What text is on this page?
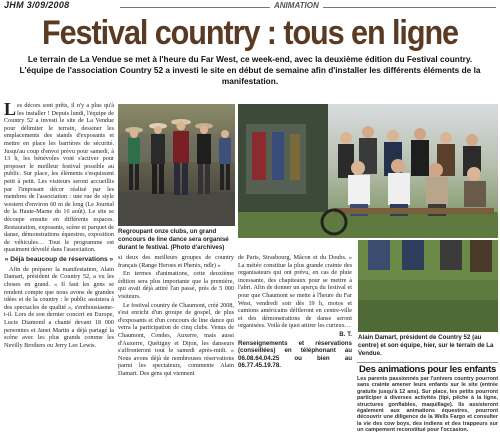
JHM 3/09/2008	ANIMATION
Festival country : tous en ligne
Le terrain de La Vendue se met à l'heure du Far West, ce week-end, avec la deuxième édition du Festival country. L'équipe de l'association Country 52 a investi le site en début de semaine afin d'installer les différents éléments de la manifestation.

Les décors sont prêts, il n'y a plus qu'à les installer ! Depuis lundi, l'équipe de Country 52 a investi le site de La Vendue pour délimiter le terrain, dessiner les emplacements des stands d'exposants et mettre en place les barrières de sécurité. Jusqu'au coup d'envoi prévu pour samedi, à 13 h, les bénévoles vont s'activer pour proposer le meilleur festival possible au public. Sur place, les éléments s'esquissent petit à petit. Les visiteurs seront accueillis par l'imposant décor réalisé par les membres de l'association : une rue de style western d'environ 60 m de long (Le Journal de la Haute-Marne du 16 août). Le site se découpe ensuite en différents espaces. Restauration, exposants, scène et parquet de danse, démonstrations équestres, exposition de véhicules… Tout le programme est quasiment dévoilé dans l'association.

« Déjà beaucoup de réservations »

Afin de préparer la manifestation, Alain Damart, président de Country 52, a vu les choses en grand. « Il faut les gens se rendent compte que nous avons de grandes idées et de la country : le public assistera à des spectacles de qualité », s'enthousiasme-t-il. Lors de son dernier concert en Europe, Lucie Diamond a chanté devant 18 000 personnes et Janet Martin a déjà partagé la scène avec les plus grands comme les Nevilly Brothers ou Jerry Lee Lewis.

Regroupant onze clubs, un grand concours de line dance sera organisé durant le festival. (Photo d'archives)

si deux des meilleurs groupes de country français (Range Heroes et Phenix, ndlr) »

En termes d'animations, cette deuxième édition sera plus importante que la première, qui avait déjà attiré l'an passé, près de 5 000 visiteurs.

Le festival country de Chaumont, créé 2008, s'est enrichi d'un groupe de gospel, de plus d'exposants et d'un concours de line dance qui verra la participation de cinq clubs. Venus de Chaumont, Condes, Auxerre, mais aussi d'Auxerre, Quétigny et Dijon, les danseurs s'affronteront tout le samedi après-midi. « Nous avons déjà de nombreuses réservations parmi les spectateurs, commente Alain Damart. Des gens qui viennent

de Paris, Strasbourg, Mâcon et du Doubs. » La météo constitue la plus grande crainte des organisateurs qui ont prévu, en cas de pluie incessante, des chapiteaux pour se mettre à l'abri. Afin de donner un aperçu du festival et pour que Chaumont se mette à l'heure du Far West, vendredi soir dès 19 h, motos et camions américains défileront en centre-ville et des démonstrations de danse seront organisées. Voilà de quoi attirer les curieux…

B. T.

Renseignements et réservations (conseillées) en téléphonant au 06.08.64.04.25 ou bien au 06.77.45.19.78.

Alain Damart, président de Country 52 (au centre) et son équipe, hier, sur le terrain de La Vendue.
Des animations pour les enfants
Les parents passionnés par l'univers country pourront sans crainte amener leurs enfants sur le site (entrée gratuite jusqu'à 12 ans). Sur place, les petits pourront participer à diverses activités (tipi, pêche à la ligne, structures gonflables, maquillage). Ils assisteront également aux animations équestres, pourront découvrir une diligence de la Wells Fargo et consulter la vie des cow boys, des indiens et des trappeurs sur un campement reconstitué pour l'occasion.
